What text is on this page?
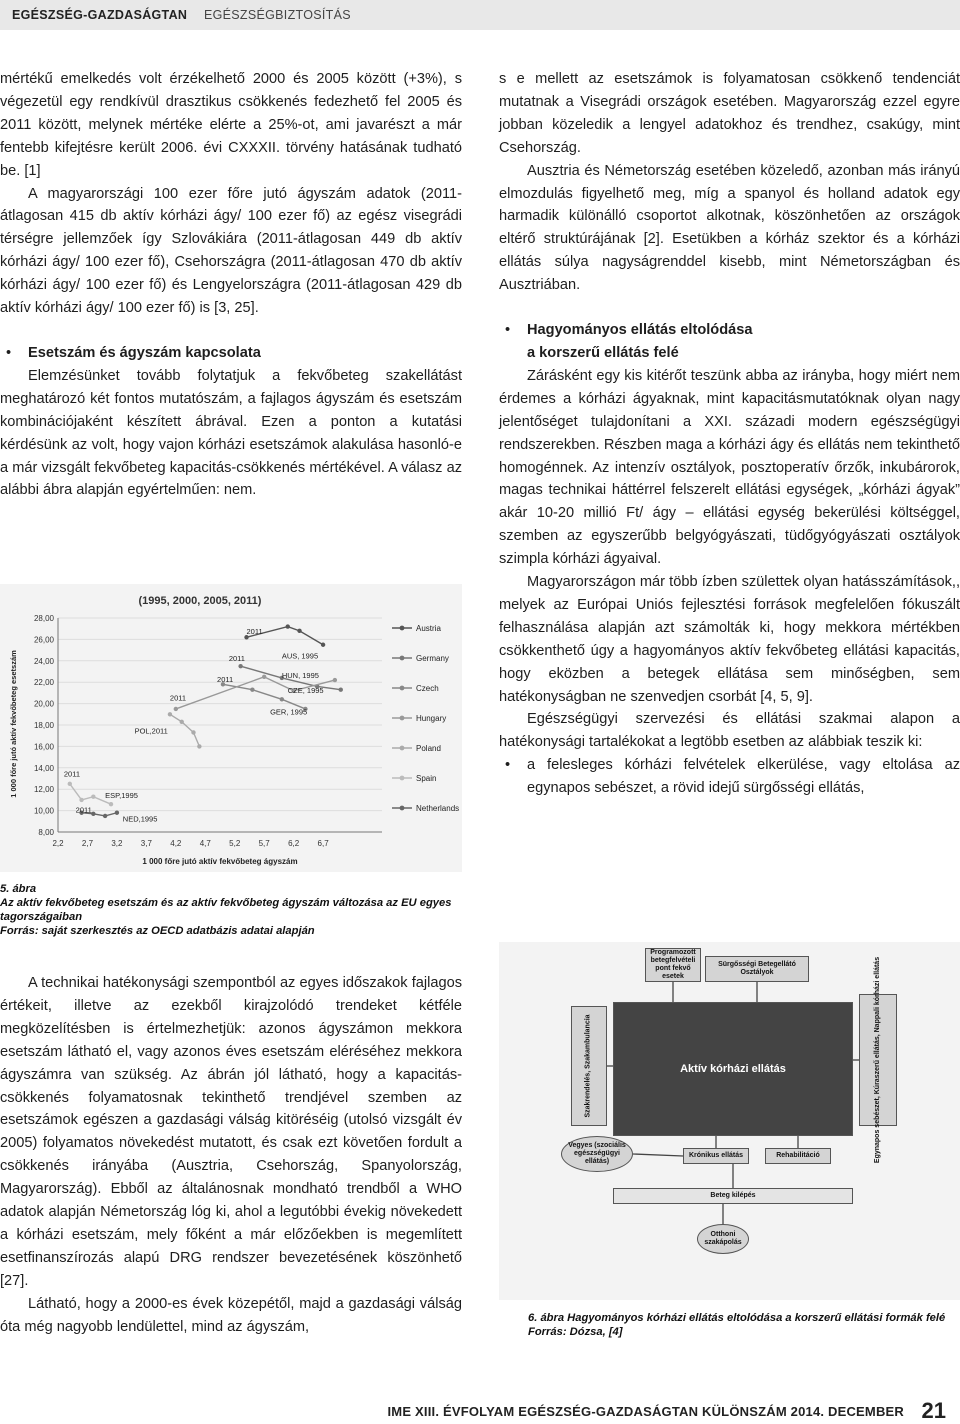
EGÉSZSÉG-GAZDASÁGTAN EGÉSZSÉGBIZTOSÍTÁS

mértékű emelkedés volt érzékelhető 2000 és 2005 között (+3%), s végezetül egy rendkívül drasztikus csökkenés fedezhető fel 2005 és 2011 között, melynek mértéke elérte a 25%-ot, ami javarészt a már fentebb kifejtésre került 2006. évi CXXXII. törvény hatásának tudható be. [1]

A magyarországi 100 ezer főre jutó ágyszám adatok (2011-átlagosan 415 db aktív kórházi ágy/ 100 ezer fő) az egész visegrádi térségre jellemzőek így Szlovákiára (2011-átlagosan 449 db aktív kórházi ágy/ 100 ezer fő), Csehországra (2011-átlagosan 470 db aktív kórházi ágy/ 100 ezer fő) és Lengyelországra (2011-átlagosan 429 db aktív kórházi ágy/ 100 ezer fő) is [3, 25].

• Esetszám és ágyszám kapcsolata

Elemzésünket tovább folytatjuk a fekvőbeteg szakellátást meghatározó két fontos mutatószám, a fajlagos ágyszám és esetszám kombinációjaként készített ábrával. Ezen a ponton a kutatási kérdésünk az volt, hogy vajon kórházi esetszámok alakulása hasonló-e a már vizsgált fekvőbeteg kapacitás-csökkenés mértékével. A válasz az alábbi ábra alapján egyértelműen: nem.

(1995, 2000, 2005, 2011)
28,00
26,00
24,00
22,00
20,00
18,00
16,00
14,00
12,00
10,00
8,00
2,2 2,7 3,2 3,7 4,2 4,7 5,2 5,7 6,2 6,7
1 000 főre jutó aktív fekvőbeteg ágyszám
1 000 főre jutó aktív fekvőbeteg esetszám
Austria
Germany
Czech
Hungary
Poland
Spain
Netherlands
2011
2011
2011
2011
AUS, 1995
HUN, 1995
CZE, 1995
GER, 1995
POL,2011
2011
ESP,1995
2011
NED,1995
5. ábra
Az aktív fekvőbeteg esetszám és az aktív fekvőbeteg ágyszám változása az EU egyes tagországaiban
Forrás: saját szerkesztés az OECD adatbázis adatai alapján

A technikai hatékonysági szempontból az egyes időszakok fajlagos értékeit, illetve az ezekből kirajzolódó trendeket kétféle megközelítésben is értelmezhetjük: azonos ágyszámon mekkora esetszám látható el, vagy azonos éves esetszám eléréséhez mekkora ágyszámra van szükség. Az ábrán jól látható, hogy a kapacitás-csökkenés folyamatosnak tekinthető trendjével szemben az esetszámok egészen a gazdasági válság kitöréséig (utolsó vizsgált év 2005) folyamatos növekedést mutatott, és csak ezt követően fordult a csökkenés irányába (Ausztria, Csehország, Spanyolország, Magyarország). Ebből az általánosnak mondható trendből a WHO adatok alapján Németország lóg ki, ahol a legutóbbi évekig növekedett a kórházi esetszám, mely főként a már előzőekben is megemlített esetfinanszírozás alapú DRG rendszer bevezetésének köszönhető [27].

Látható, hogy a 2000-es évek közepétől, majd a gazdasági válság óta még nagyobb lendülettel, mind az ágyszám,

s e mellett az esetszámok is folyamatosan csökkenő tendenciát mutatnak a Visegrádi országok esetében. Magyarország ezzel egyre jobban közeledik a lengyel adatokhoz és trendhez, csakúgy, mint Csehország.

Ausztria és Németország esetében közeledő, azonban más irányú elmozdulás figyelhető meg, míg a spanyol és holland adatok egy harmadik különálló csoportot alkotnak, köszönhetően az országok eltérő struktúrájának [2]. Esetükben a kórház szektor és a kórházi ellátás súlya nagyságrenddel kisebb, mint Németországban és Ausztriában.

• Hagyományos ellátás eltolódása

a korszerű ellátás felé

Zárásként egy kis kitérőt teszünk abba az irányba, hogy miért nem érdemes a kórházi ágyaknak, mint kapacitásmutatóknak olyan nagy jelentőséget tulajdonítani a XXI. századi modern egészségügyi rendszerekben. Részben maga a kórházi ágy és ellátás nem tekinthető homogénnek. Az intenzív osztályok, posztoperatív őrzők, inkubárorok, magas technikai háttérrel felszerelt ellátási egységek, „kórházi ágyak” akár 10-20 millió Ft/ ágy – ellátási egység bekerülési költséggel, szemben az egyszerűbb belgyógyászati, tüdőgyógyászati osztályok szimpla kórházi ágyaival.

Magyarországon már több ízben születtek olyan hatásszámítások,, melyek az Európai Uniós fejlesztési források megfelelően fókuszált felhasználása alapján azt számolták ki, hogy mekkora mértékben csökkenthető úgy a hagyományos aktív fekvőbeteg ellátási kapacitás, hogy eközben a betegek ellátása sem minőségben, sem hatékonyságban ne szenvedjen csorbát [4, 5, 9].

Egészségügyi szervezési és ellátási szakmai alapon a hatékonysági tartalékokat a legtöbb esetben az alábbiak teszik ki:

• a felesleges kórházi felvételek elkerülése, vagy eltolása az egynapos sebészet, a rövid idejű sürgősségi ellátás,

Programozott betegfelvételi pont fekvő esetek
Sürgősségi Betegellátó Osztályok
Szakrendelés, Szakambulancia	Aktív kórházi ellátás	Egynapos sebészet, Kúraszerű ellátás, Nappali kórházi ellátás
Krónikus ellátás	Rehabilitáció
Vegyes (szociális egészségügyi ellátás)
Beteg kilépés
Otthoni szakápolás
6. ábra Hagyományos kórházi ellátás eltolódása a korszerű ellátási formák felé
Forrás: Dózsa, [4]
IME XIII. ÉVFOLYAM EGÉSZSÉG-GAZDASÁGTAN KÜLÖNSZÁM 2014. DECEMBER 21
